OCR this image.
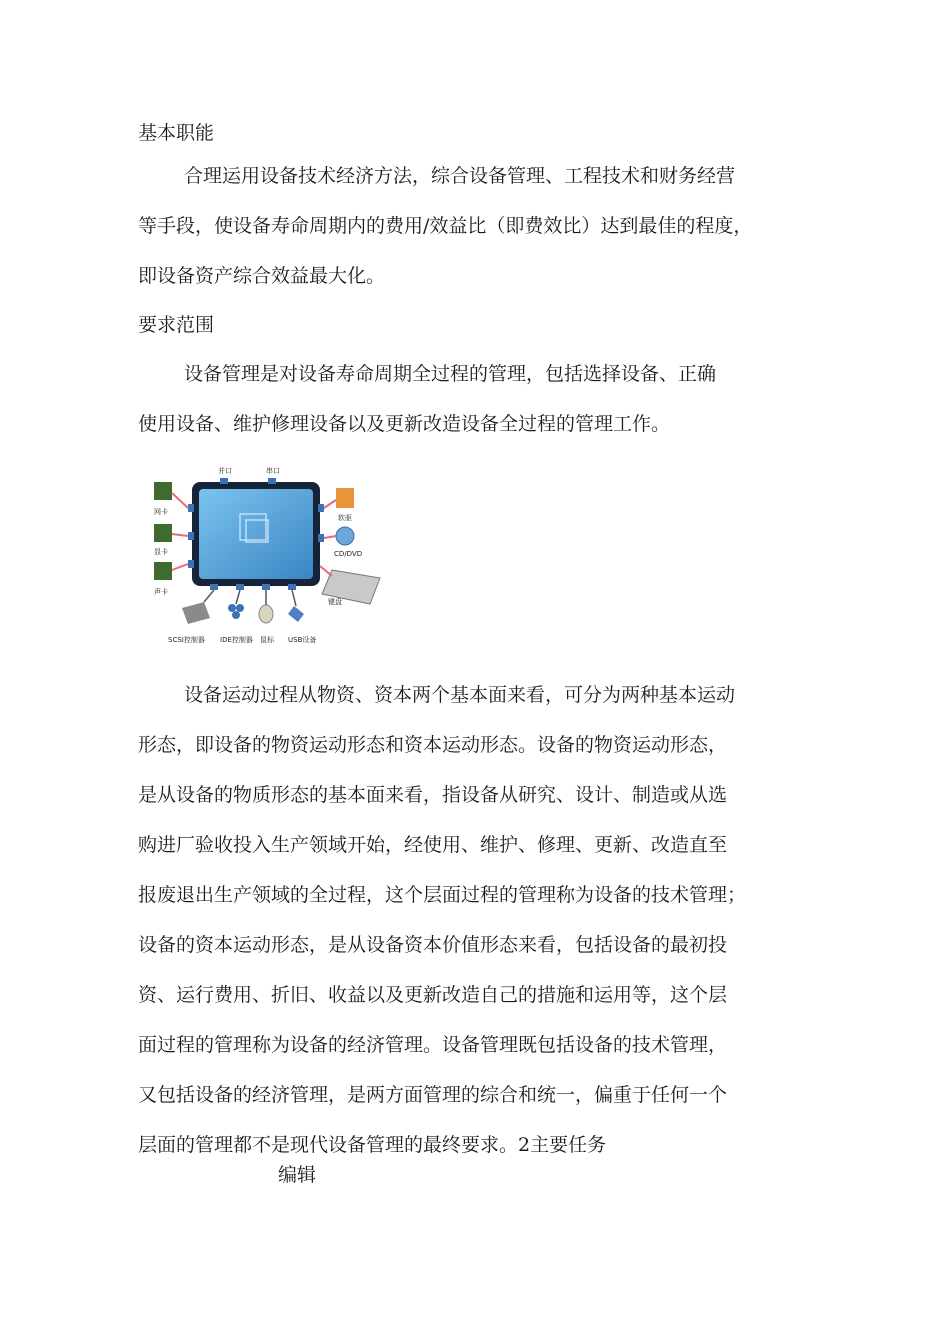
基本职能
合理运用设备技术经济方法，综合设备管理、工程技术和财务经营
等手段，使设备寿命周期内的费用/效益比（即费效比）达到最佳的程度，
即设备资产综合效益最大化。
要求范围
设备管理是对设备寿命周期全过程的管理，包括选择设备、正确
使用设备、维护修理设备以及更新改造设备全过程的管理工作。
网卡
显卡
声卡
并口	串口
软驱
CD/DVD
键盘
SCSI控制器 IDE控制器 鼠标 USB设备
设备运动过程从物资、资本两个基本面来看，可分为两种基本运动
形态，即设备的物资运动形态和资本运动形态。设备的物资运动形态，
是从设备的物质形态的基本面来看，指设备从研究、设计、制造或从选
购进厂验收投入生产领域开始，经使用、维护、修理、更新、改造直至
报废退出生产领域的全过程，这个层面过程的管理称为设备的技术管理；
设备的资本运动形态，是从设备资本价值形态来看，包括设备的最初投
资、运行费用、折旧、收益以及更新改造自己的措施和运用等，这个层
面过程的管理称为设备的经济管理。设备管理既包括设备的技术管理，
又包括设备的经济管理，是两方面管理的综合和统一，偏重于任何一个
层面的管理都不是现代设备管理的最终要求。2主要任务
编辑
